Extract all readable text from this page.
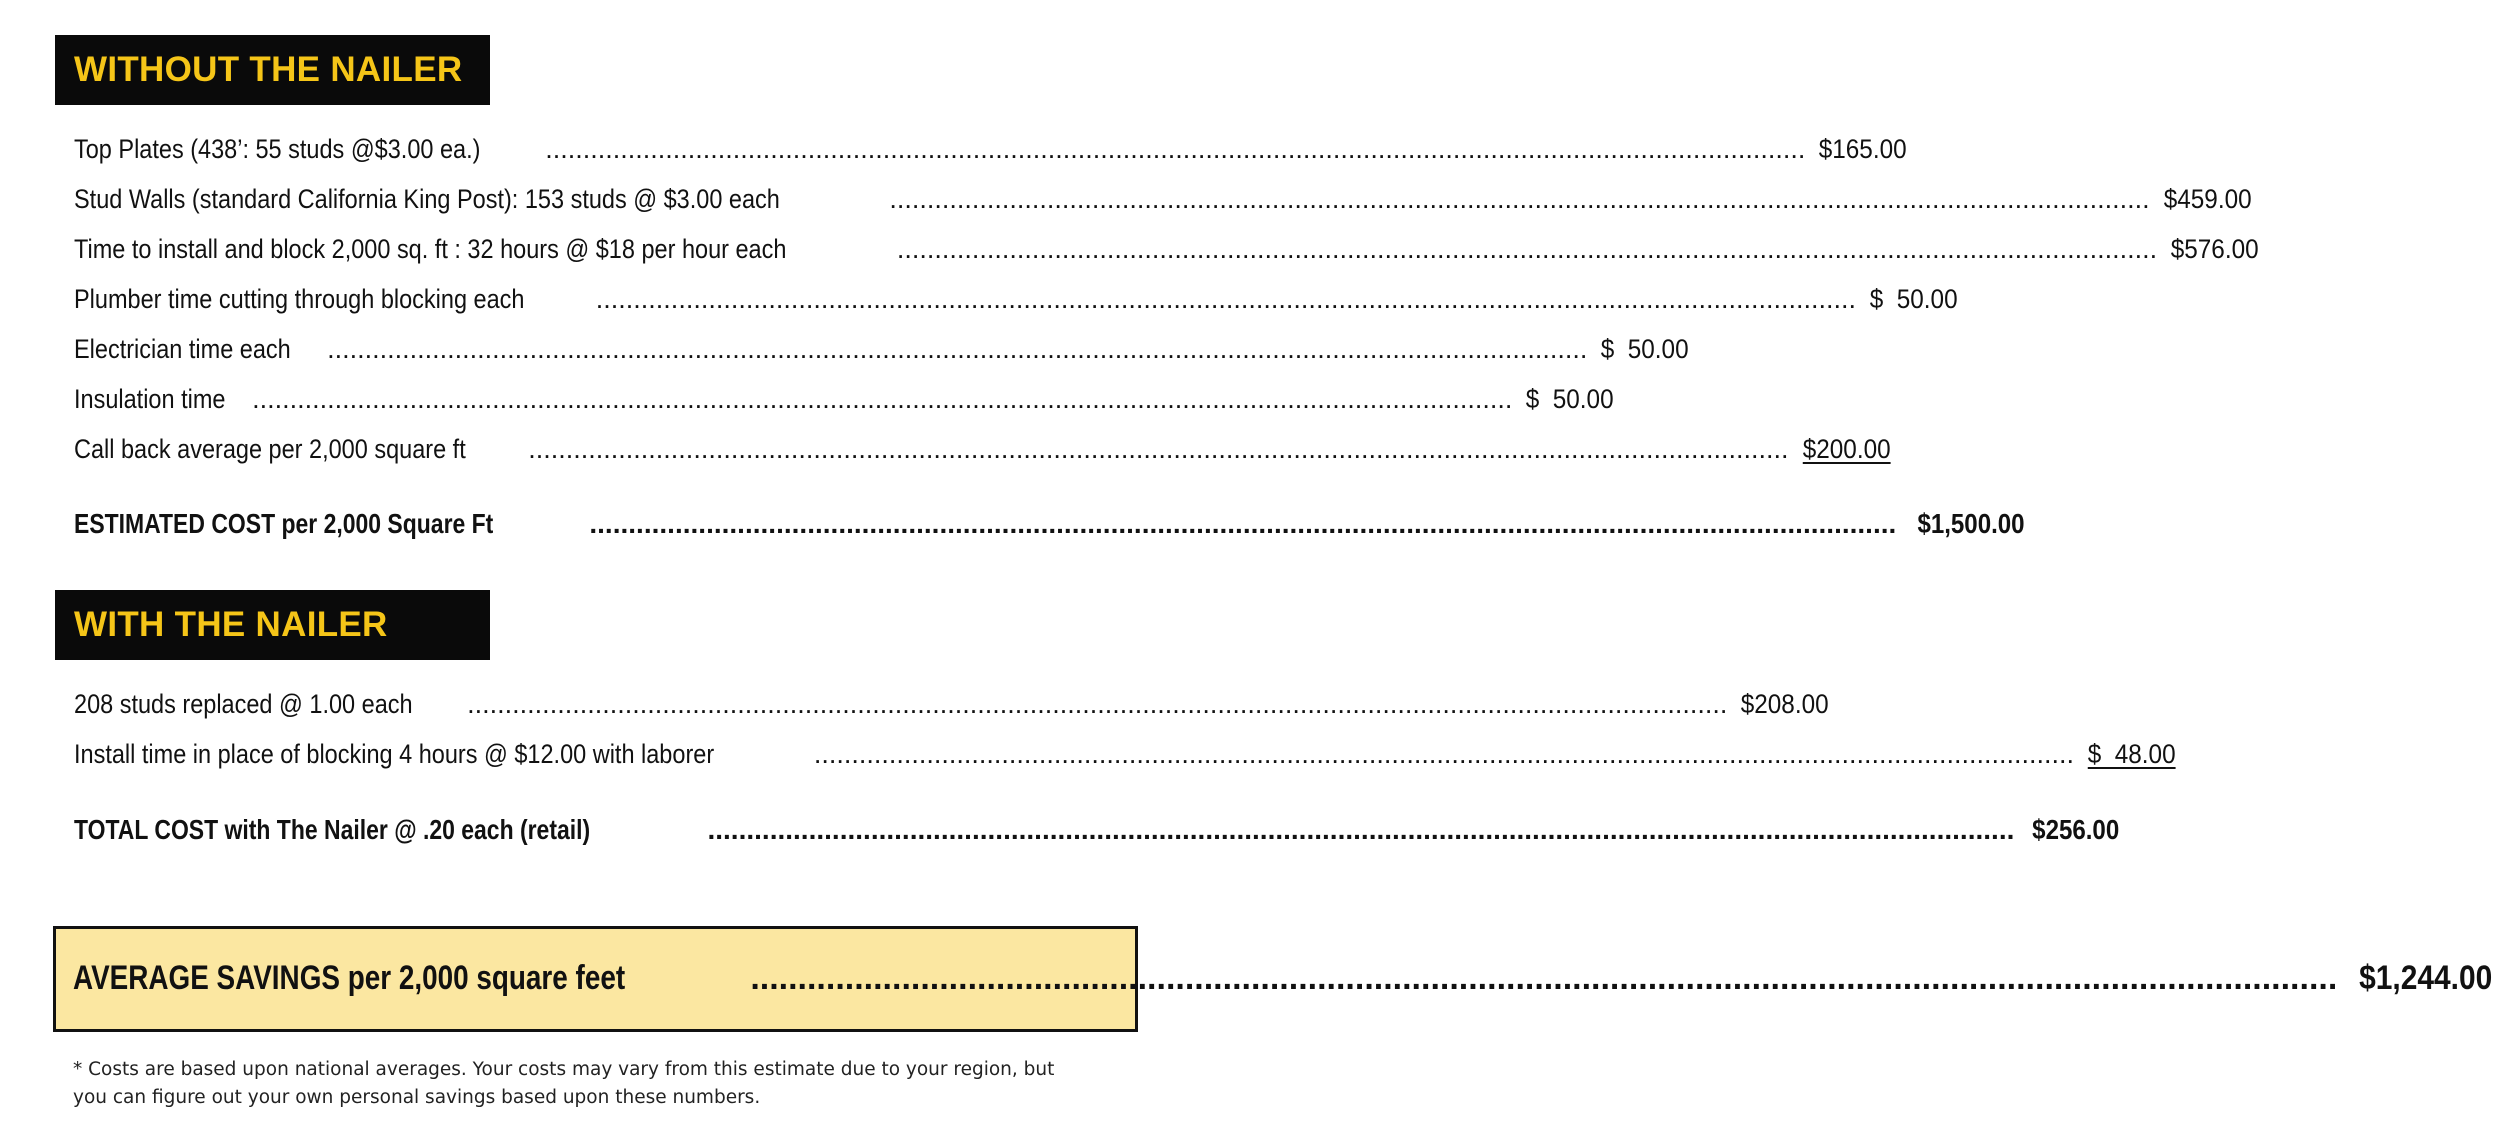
WITHOUT THE NAILER
Top Plates (438’: 55 studs @$3.00 ea.) ........................................................................................................................................................................ $165.00
Stud Walls (standard California King Post): 153 studs @ $3.00 each	........................................................................................................................................................................ $459.00
Time to install and block 2,000 sq. ft : 32 hours @ $18 per hour each	........................................................................................................................................................................ $576.00
Plumber time cutting through blocking each	........................................................................................................................................................................ $  50.00
Electrician time each ........................................................................................................................................................................ $  50.00
Insulation time ........................................................................................................................................................................ $  50.00
Call back average per 2,000 square ft ........................................................................................................................................................................ $200.00
ESTIMATED COST per 2,000 Square Ft	........................................................................................................................................................................ $1,500.00
WITH THE NAILER
208 studs replaced @ 1.00 each ........................................................................................................................................................................ $208.00
Install time in place of blocking 4 hours @ $12.00 with laborer	........................................................................................................................................................................ $  48.00
TOTAL COST with The Nailer @ .20 each (retail)	........................................................................................................................................................................ $256.00
AVERAGE SAVINGS per 2,000 square feet	........................................................................................................................................................................ $1,244.00
* Costs are based upon national averages. Your costs may vary from this estimate due to your region, but
you can figure out your own personal savings based upon these numbers.
